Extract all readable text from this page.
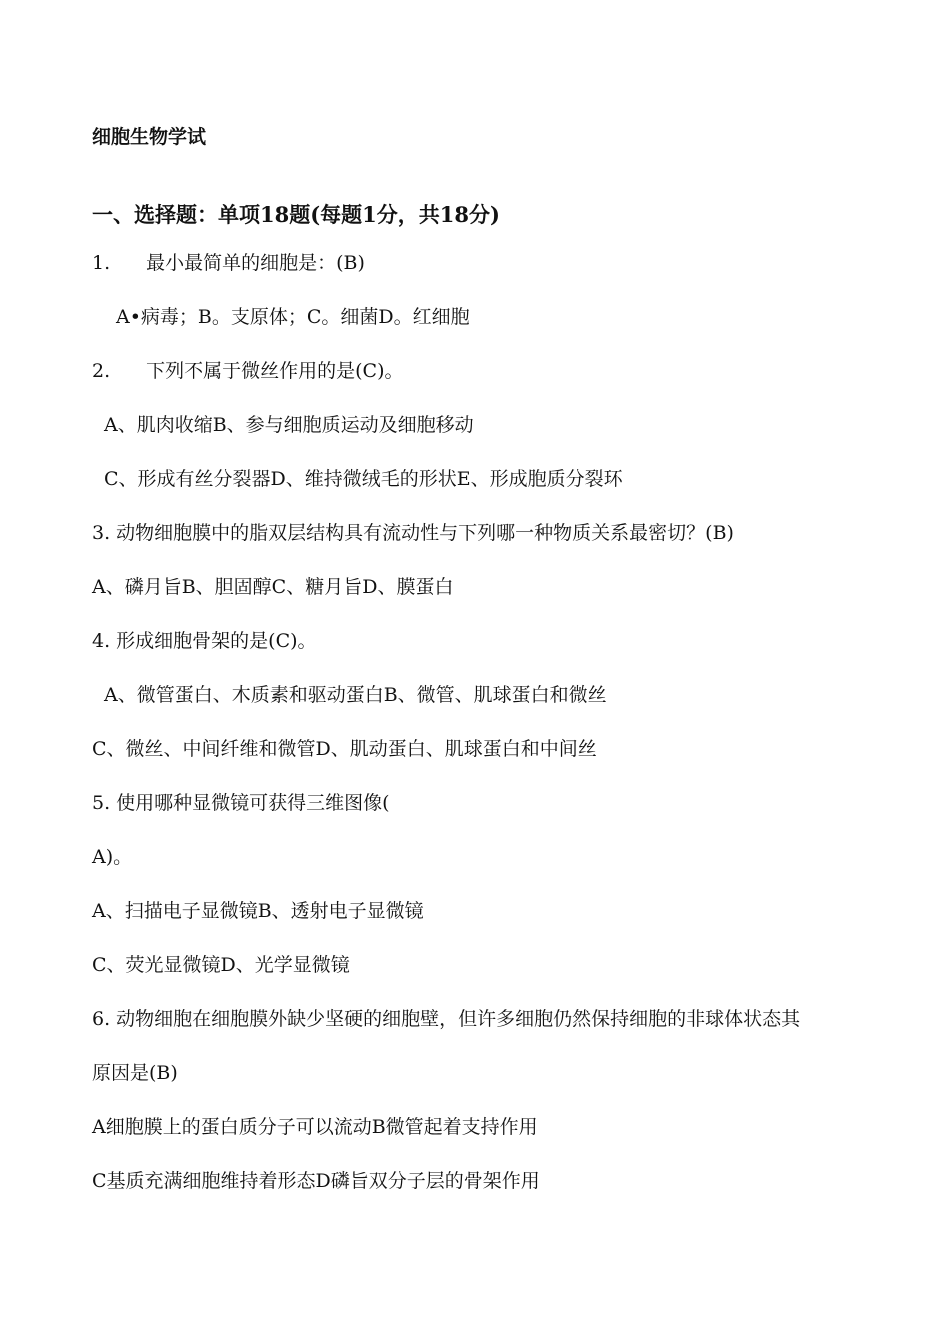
细胞生物学试
一、选择题：单项18题(每题1分，共18分)
1. 最小最简单的细胞是：(B)
A•病毒；B。支原体；C。细菌D。红细胞
2. 下列不属于微丝作用的是(C)。
A、肌肉收缩B、参与细胞质运动及细胞移动
C、形成有丝分裂器D、维持微绒毛的形状E、形成胞质分裂环
3. 动物细胞膜中的脂双层结构具有流动性与下列哪一种物质关系最密切？(B)
A、磷月旨B、胆固醇C、糖月旨D、膜蛋白
4. 形成细胞骨架的是(C)。
A、微管蛋白、木质素和驱动蛋白B、微管、肌球蛋白和微丝
C、微丝、中间纤维和微管D、肌动蛋白、肌球蛋白和中间丝
5. 使用哪种显微镜可获得三维图像(
A)。
A、扫描电子显微镜B、透射电子显微镜
C、荧光显微镜D、光学显微镜
6. 动物细胞在细胞膜外缺少坚硬的细胞壁，但许多细胞仍然保持细胞的非球体状态其
原因是(B)
A细胞膜上的蛋白质分子可以流动B微管起着支持作用
C基质充满细胞维持着形态D磷旨双分子层的骨架作用
